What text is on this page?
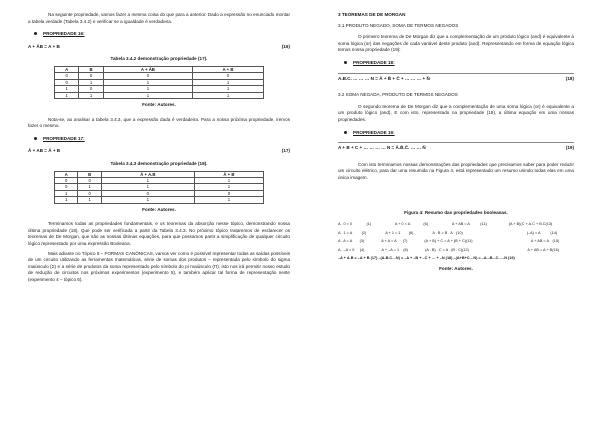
Na seguinte propriedade, vamos fazer a mesma coisa do que para a anterior. Dado a expressão no enunciado montar a tabela verdade (Tabela 3.4.2) e verificar se a igualdade é verdadeira.

PROPRIEDADE 16:
A + ĀB = A + B	(16)
Tabela 3.4.2 demonstração propriedade (17).
A	B	A + ĀB	A + B
0	0	0	0
0	1	1	1
1	0	1	1
1	1	1	1
Fonte: Autores.

Nota-se, ao analisar a tabela 3.4.3, que a expressão dada é verdadeira. Para a nossa próxima propriedade, iremos fazer o mesmo.

PROPRIEDADE 17:
Ā + AB = Ā + B	(17)
Tabela 3.4.3 demonstração propriedade (18).
A	B	Ā + A.B	Ā + B
0	0	1	1
0	1	1	1
1	0	0	0
1	1	1	1
Fonte: Autores.

Terminamos todas as propriedades fundamentais, e os teoremas da absorção nesse tópico, demonstrando nossa última propriedade (18). Que pode ser verificada a partir da Tabela 3.4.3. No próximo tópico trataremos de esclarecer os teoremas de De Morgan, que são as nossas últimas equações, para que possamos partir a simplificação de qualquer circuito lógico representado por uma expressão Booleana.

Mais adiante no Tópico 5 – FORMAS CANÔNICAS, vamos ver como é possível representar todas as saídas possíveis de um circuito utilizando as ferramentas matemáticas, série de somas dos produtos – representada pelo símbolo do sigma maiúsculo (Σ) e a série de produtos da soma representado pelo símbolo do pi maiúsculo (Π), isto nos irá permitir nosso estudo de redução de circuitos nos próximos experimentos (experimento 5), e também aplicar tal forma de representação neste (experimento 4 – tópico 6).

3 TEOREMAS DE DE MORGAN
3.1 PRODUTO NEGADO, SOMA DE TERMOS NEGADOS

O primeiro teorema de De Morgan diz que a complementação de um produto lógico (and) é equivalente à soma lógica (or) das negações de cada variável deste produto (and). Representando em forma de equação lógica temos nossa propriedade (19):

PROPRIEDADE 18:
A.B.C. … … … N = Ā + B̄ + C̄ + … … … + N̄	(18)
3.2 SOMA NEGADA, PRODUTO DE TERMOS NEGADOS

O segundo teorema de De Morgan diz que a complementação de uma soma lógica (or) é equivalente a um produto lógico (and), E com isto, representado na propriedade (19), a última equação em uma nossas propriedades.

PROPRIEDADE 19:
A + B + C + … … … … N = Ā.B̄.C̄. … … N̄	(19)

Com isto terminamos nossas demonstrações das propriedades que precisamos saber para poder reduzir um circuito elétrico, para dar uma resumida na Figura 4, está representado um resumo unindo todas elas em uma única imagem.

Figura 4: Resumo das propriedades booleanas.
A . 0 = 0	(1)	A + 0 = A	(6)	A + AB = A	(11)	(A + B)(C + A.C + B.C (13)
A . 1 = A	(2)	A + 1 = 1	(6)	A . B = B . A (10)	(–A) = A	(14)
A . A = A	(3)	A + A = A	(7)	(A + B) + C = A + (B + C) (11)	A + AB = A (15)
A . –A = 0	(4)	A + –A = 1	(8)	(A . B) . C = A . (B . C) (12)	A + AB = A + B (16)
–A + A.B = –A + B (17) –(A.B.C…N) = –A + –B + –C + … + –N (18) –(A+B+C…N) = –A.–B.–C…–N (19)
Fonte: Autores.
